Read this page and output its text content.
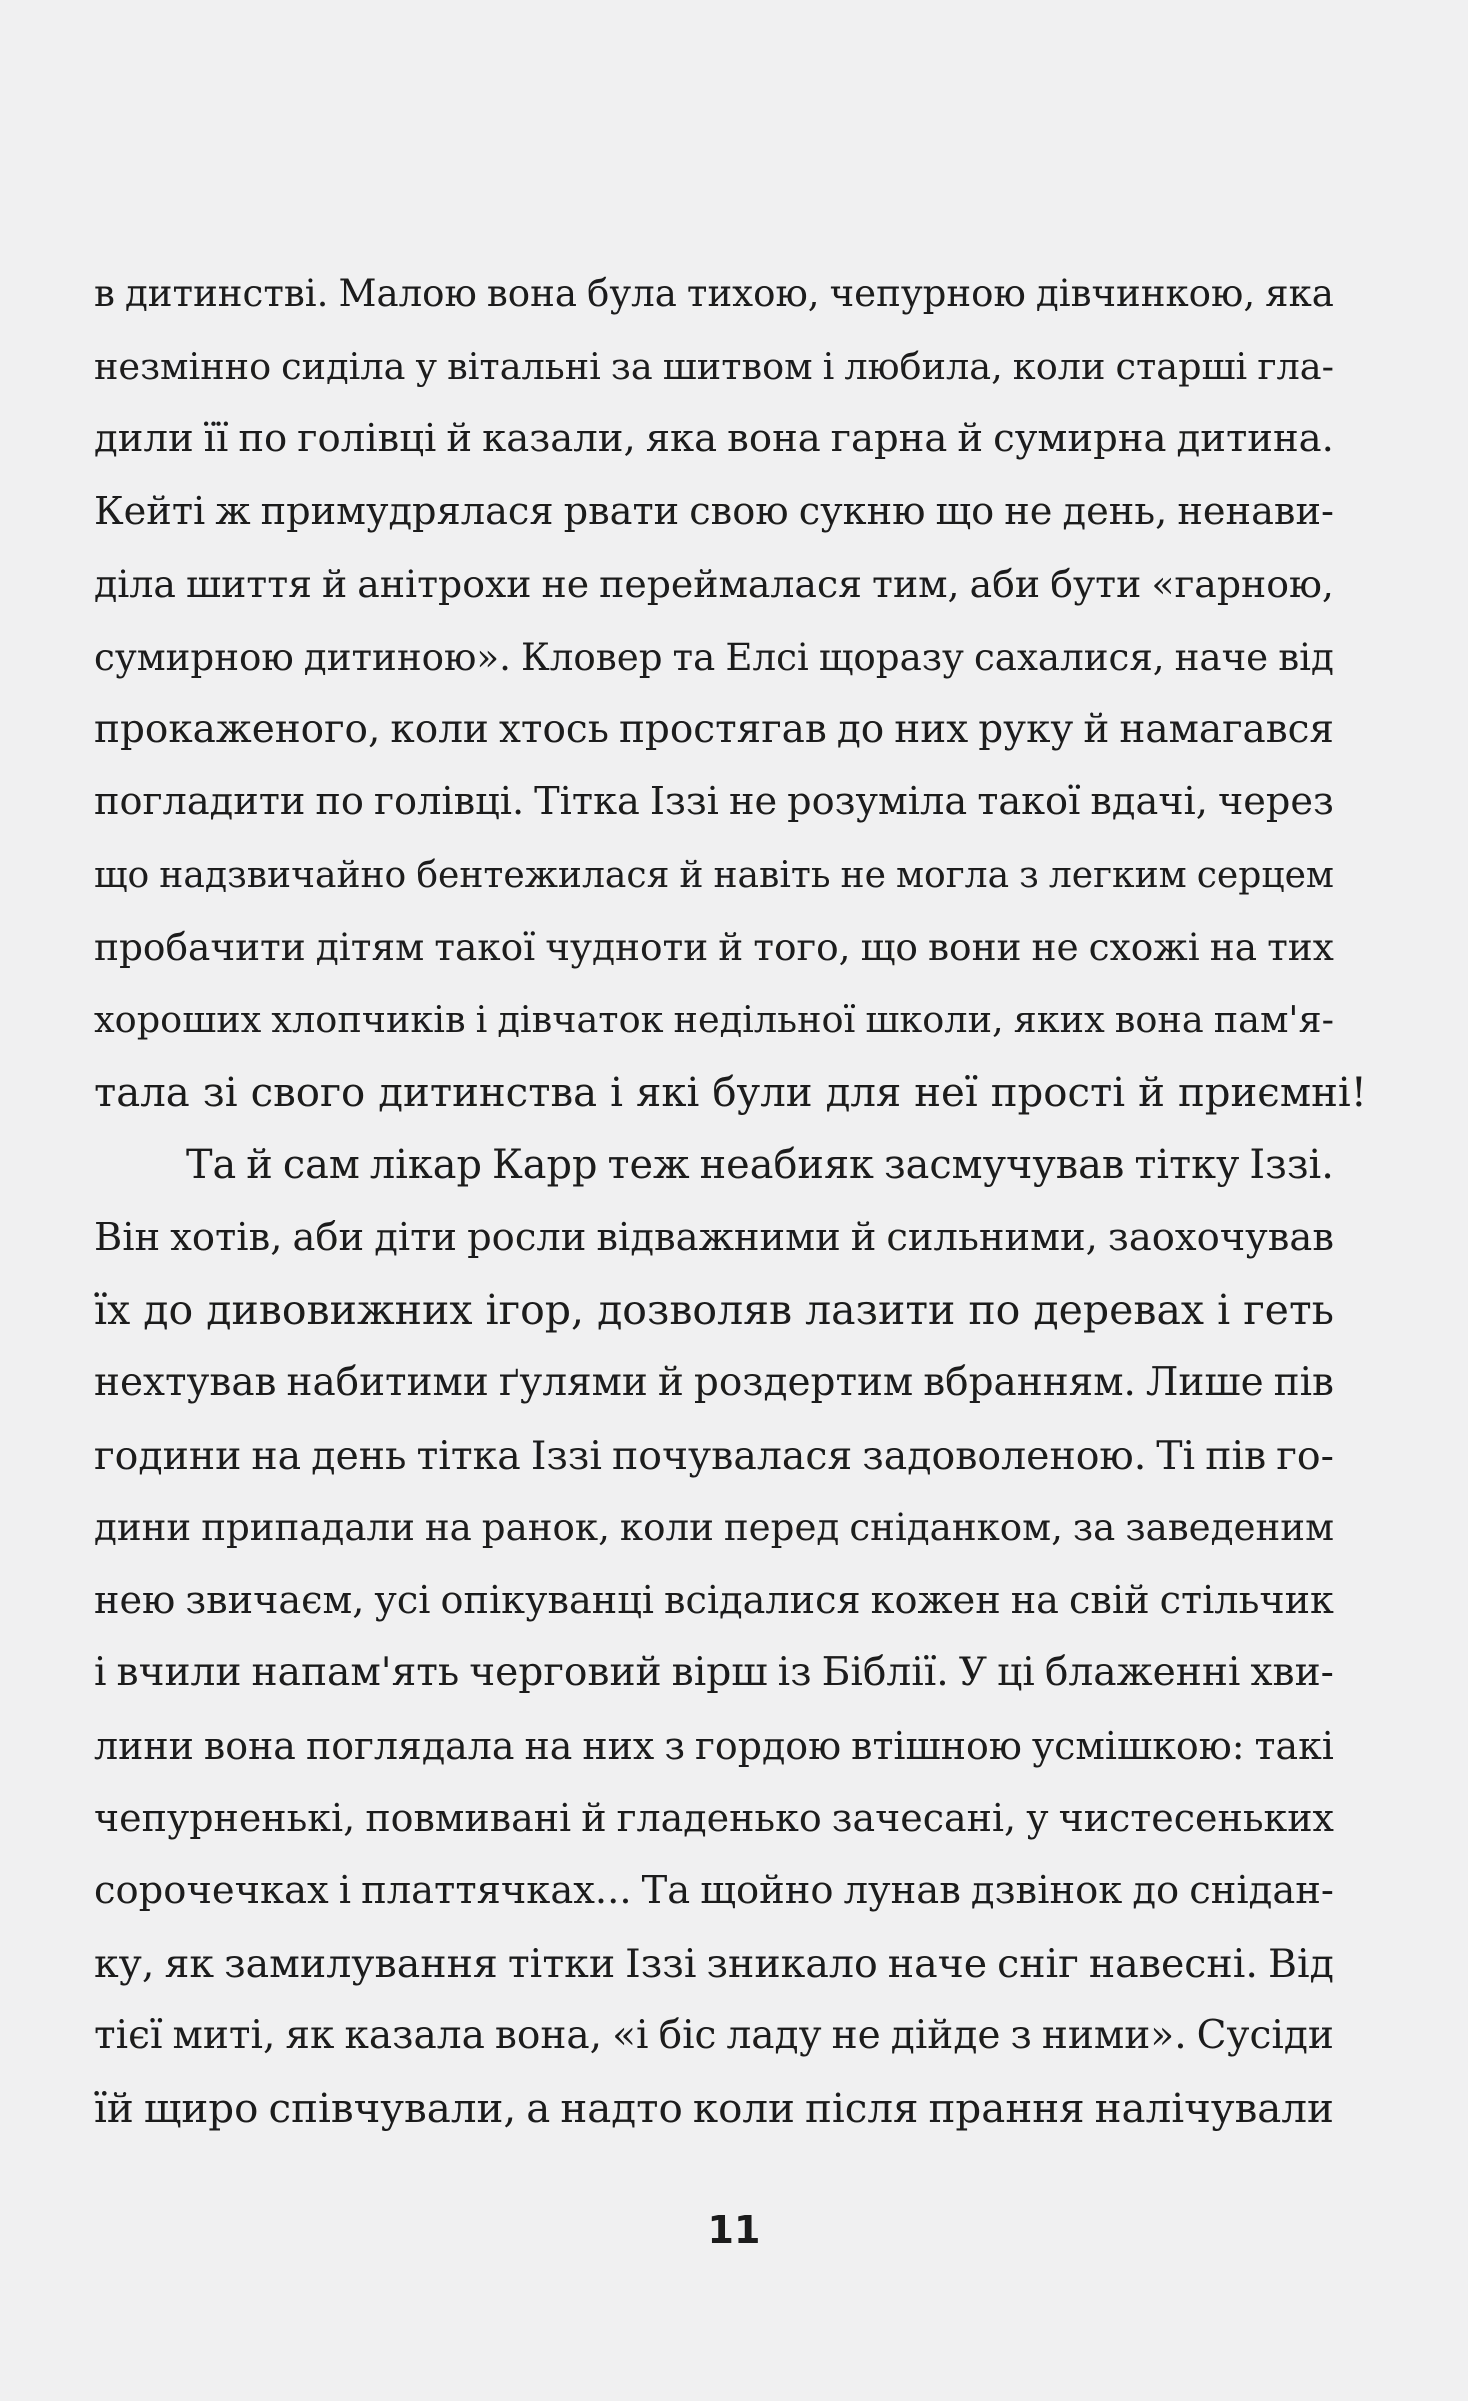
в дитинстві. Малою вона була тихою, чепурною дівчинкою, яка
незмінно сиділа у вітальні за шитвом і любила, коли старші гла-
дили її по голівці й казали, яка вона гарна й сумирна дитина.
Кейті ж примудрялася рвати свою сукню що не день, ненави-
діла шиття й анітрохи не переймалася тим, аби бути «гарною,
сумирною дитиною». Кловер та Елсі щоразу сахалися, наче від
прокаженого, коли хтось простягав до них руку й намагався
погладити по голівці. Тітка Іззі не розуміла такої вдачі, через
що надзвичайно бентежилася й навіть не могла з легким серцем
пробачити дітям такої чудноти й того, що вони не схожі на тих
хороших хлопчиків і дівчаток недільної школи, яких вона пам'я-
тала зі свого дитинства і які були для неї прості й приємні!
Та й сам лікар Карр теж неабияк засмучував тітку Іззі.
Він хотів, аби діти росли відважними й сильними, заохочував
їх до дивовижних ігор, дозволяв лазити по деревах і геть
нехтував набитими ґулями й роздертим вбранням. Лише пів
години на день тітка Іззі почувалася задоволеною. Ті пів го-
дини припадали на ранок, коли перед сніданком, за заведеним
нею звичаєм, усі опікуванці всідалися кожен на свій стільчик
і вчили напам'ять черговий вірш із Біблії. У ці блаженні хви-
лини вона поглядала на них з гордою втішною усмішкою: такі
чепурненькі, повмивані й гладенько зачесані, у чистесеньких
сорочечках і платтячках... Та щойно лунав дзвінок до снідан-
ку, як замилування тітки Іззі зникало наче сніг навесні. Від
тієї миті, як казала вона, «і біс ладу не дійде з ними». Сусіди
їй щиро співчували, а надто коли після прання налічували
11
